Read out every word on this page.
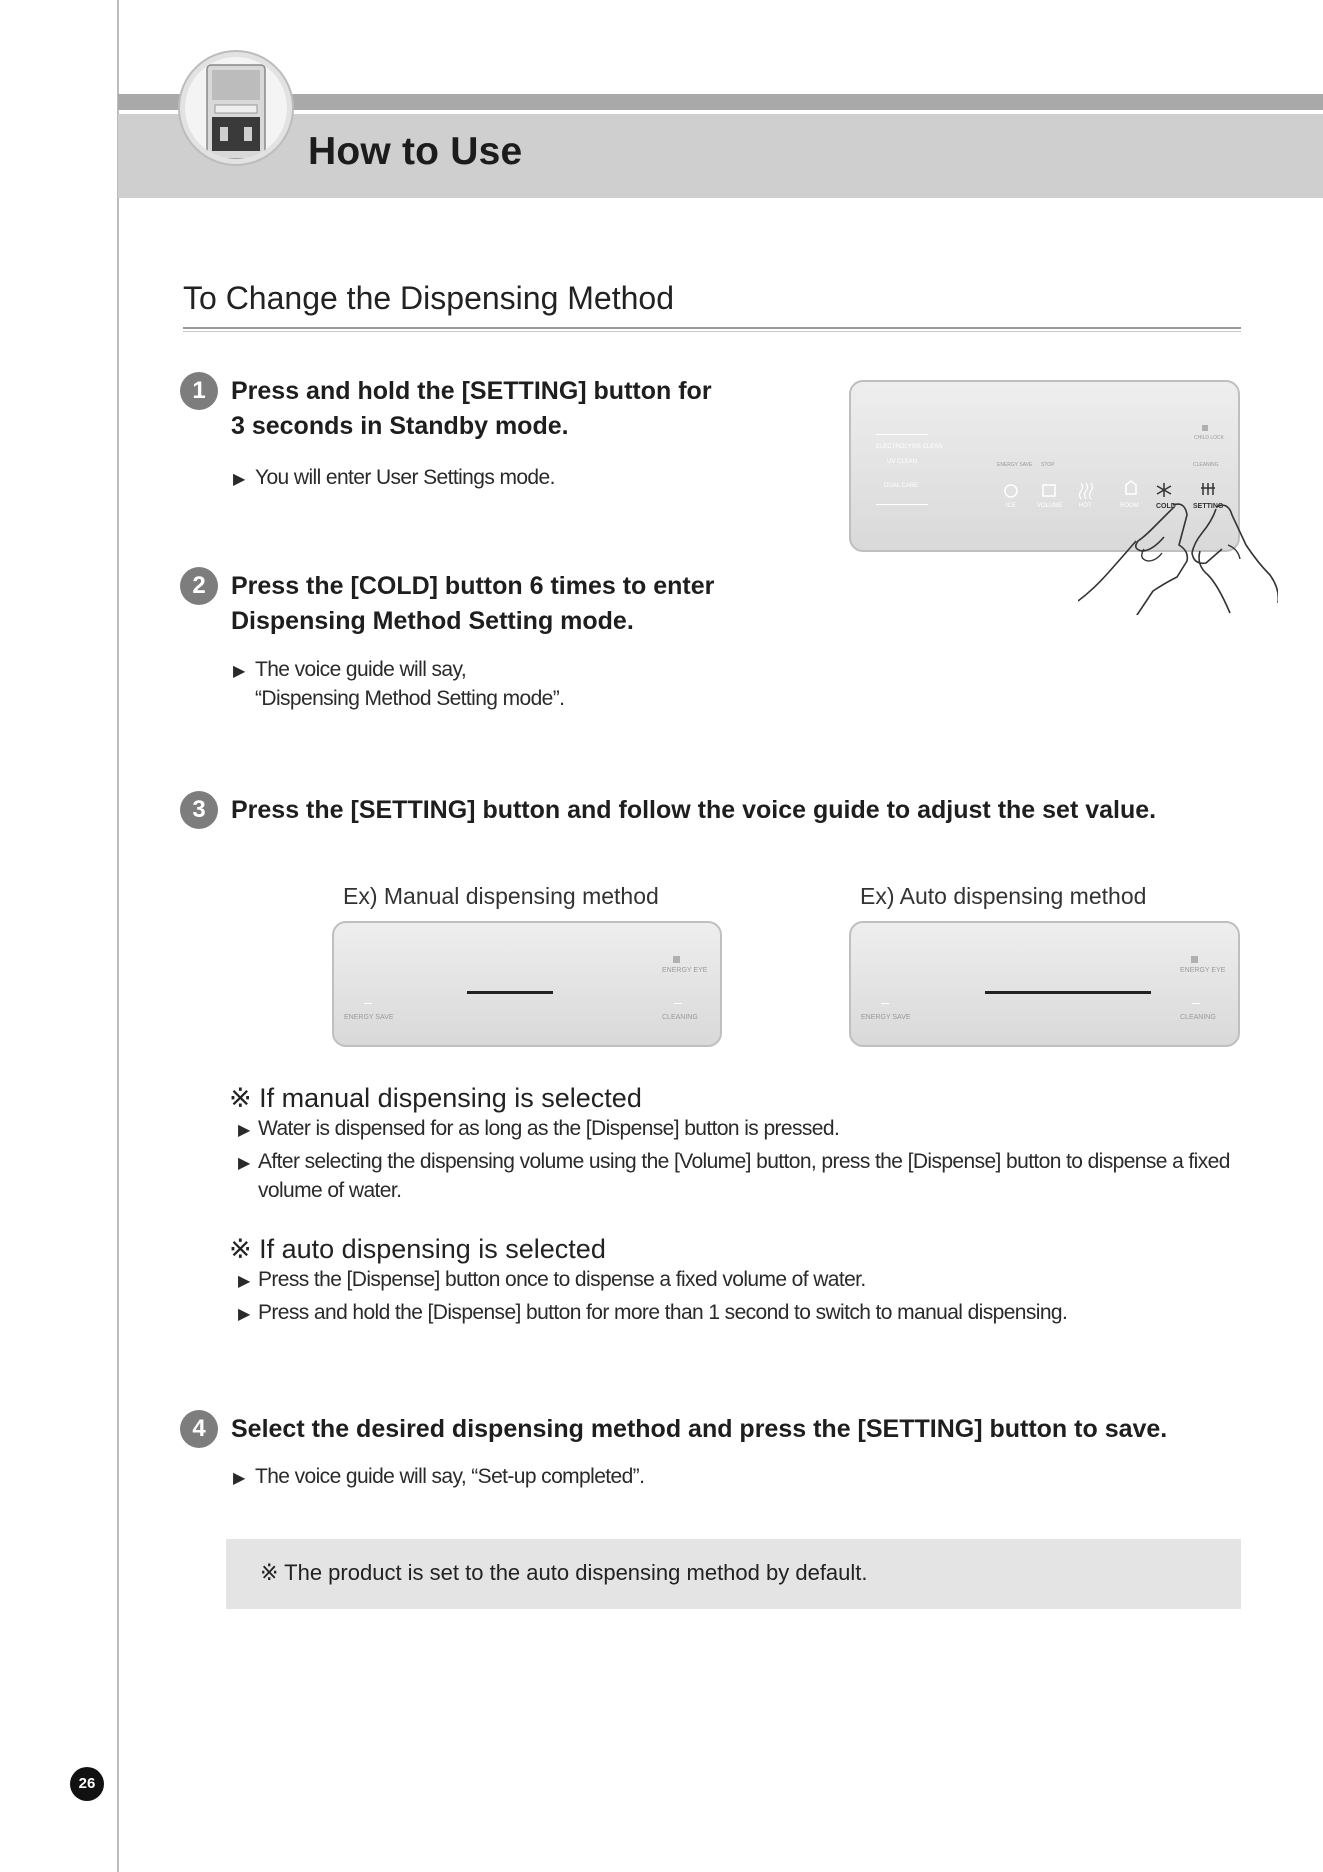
How to Use
To Change the Dispensing Method
1	Press and hold the [SETTING] button for
3 seconds in Standby mode.
▶ You will enter User Settings mode.
ELECTROLYSIS CLEAN
UV CLEAN
DUAL CARE
CHILD LOCK
ENERGY SAVE STOP	CLEANING
ICE	VOLUME	HOT	ROOM COLD SETTING
2	Press the [COLD] button 6 times to enter
Dispensing Method Setting mode.
▶ The voice guide will say,
“Dispensing Method Setting mode”.
3	Press the [SETTING] button and follow the voice guide to adjust the set value.
Ex) Manual dispensing method	Ex) Auto dispensing method
ENERGY EYE
ENERGY SAVE	CLEANING
ENERGY EYE
ENERGY SAVE	CLEANING
※ If manual dispensing is selected
▶ Water is dispensed for as long as the [Dispense] button is pressed.
▶ After selecting the dispensing volume using the [Volume] button, press the [Dispense] button to dispense a fixed
volume of water.
※ If auto dispensing is selected
▶ Press the [Dispense] button once to dispense a fixed volume of water.
▶ Press and hold the [Dispense] button for more than 1 second to switch to manual dispensing.
4	Select the desired dispensing method and press the [SETTING] button to save.
▶ The voice guide will say, “Set-up completed”.
※ The product is set to the auto dispensing method by default.
26
